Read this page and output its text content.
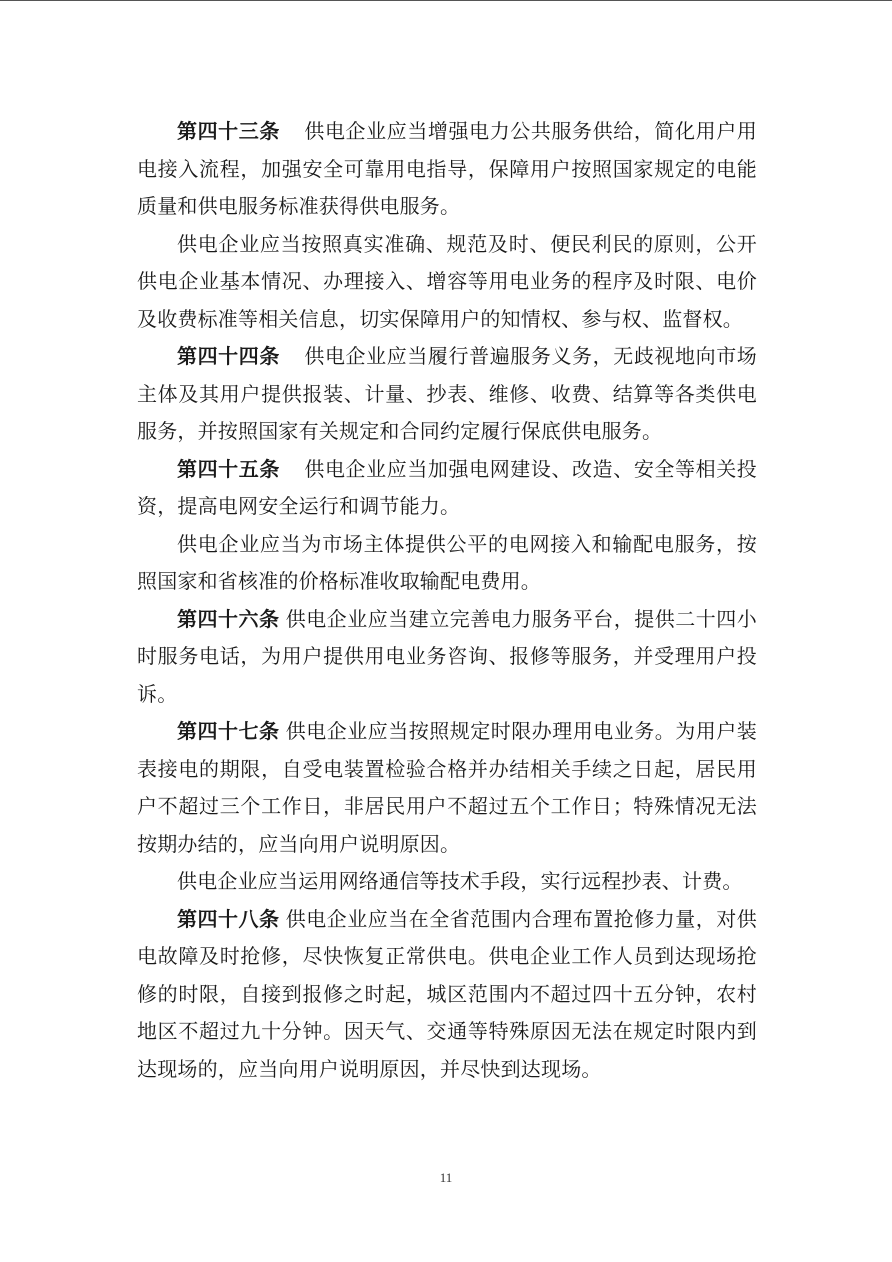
第四十三条 供电企业应当增强电力公共服务供给，简化用户用电接入流程，加强安全可靠用电指导，保障用户按照国家规定的电能质量和供电服务标准获得供电服务。

供电企业应当按照真实准确、规范及时、便民利民的原则，公开供电企业基本情况、办理接入、增容等用电业务的程序及时限、电价及收费标准等相关信息，切实保障用户的知情权、参与权、监督权。

第四十四条 供电企业应当履行普遍服务义务，无歧视地向市场主体及其用户提供报装、计量、抄表、维修、收费、结算等各类供电服务，并按照国家有关规定和合同约定履行保底供电服务。

第四十五条 供电企业应当加强电网建设、改造、安全等相关投资，提高电网安全运行和调节能力。

供电企业应当为市场主体提供公平的电网接入和输配电服务，按照国家和省核准的价格标准收取输配电费用。

第四十六条 供电企业应当建立完善电力服务平台，提供二十四小时服务电话，为用户提供用电业务咨询、报修等服务，并受理用户投诉。

第四十七条 供电企业应当按照规定时限办理用电业务。为用户装表接电的期限，自受电装置检验合格并办结相关手续之日起，居民用户不超过三个工作日，非居民用户不超过五个工作日；特殊情况无法按期办结的，应当向用户说明原因。

供电企业应当运用网络通信等技术手段，实行远程抄表、计费。

第四十八条 供电企业应当在全省范围内合理布置抢修力量，对供电故障及时抢修，尽快恢复正常供电。供电企业工作人员到达现场抢修的时限，自接到报修之时起，城区范围内不超过四十五分钟，农村地区不超过九十分钟。因天气、交通等特殊原因无法在规定时限内到达现场的，应当向用户说明原因，并尽快到达现场。

11
